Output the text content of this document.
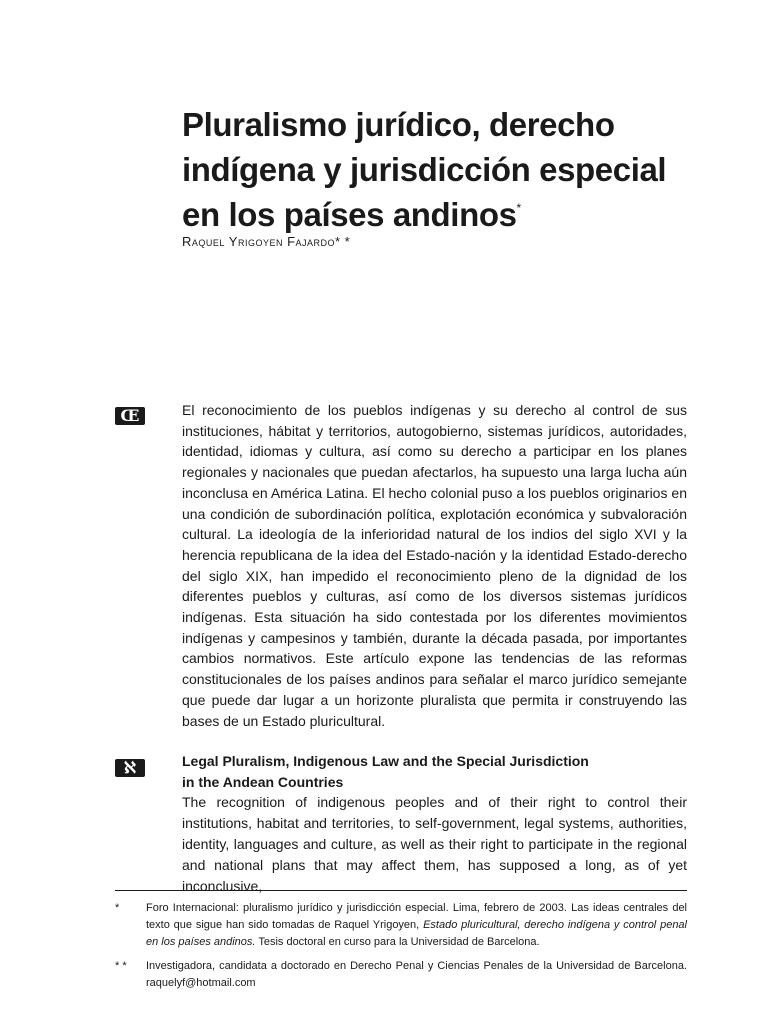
Pluralismo jurídico, derecho
indígena y jurisdicción especial
en los países andinos*
Raquel Yrigoyen Fajardo* *
Œ	El reconocimiento de los pueblos indígenas y su derecho al control de sus instituciones, hábitat y territorios, autogobierno, sistemas jurídicos, autoridades, identidad, idiomas y cultura, así como su derecho a participar en los planes regionales y nacionales que puedan afectarlos, ha supuesto una larga lucha aún inconclusa en América Latina. El hecho colonial puso a los pueblos originarios en una condición de subordinación política, explotación económica y subvaloración cultural. La ideología de la inferioridad natural de los indios del siglo XVI y la herencia republicana de la idea del Estado-nación y la identidad Estado-derecho del siglo XIX, han impedido el reconocimiento pleno de la dignidad de los diferentes pueblos y culturas, así como de los diversos sistemas jurídicos indígenas. Esta situación ha sido contestada por los diferentes movimientos indígenas y campesinos y también, durante la década pasada, por importantes cambios normativos. Este artículo expone las tendencias de las reformas constitucionales de los países andinos para señalar el marco jurídico semejante que puede dar lugar a un horizonte pluralista que permita ir construyendo las bases de un Estado pluricultural.

ℵ	Legal Pluralism, Indigenous Law and the Special Jurisdiction
in the Andean Countries

The recognition of indigenous peoples and of their right to control their institutions, habitat and territories, to self-government, legal systems, authorities, identity, languages and culture, as well as their right to participate in the regional and national plans that may affect them, has supposed a long, as of yet inconclusive,

*	Foro Internacional: pluralismo jurídico y jurisdicción especial. Lima, febrero de 2003. Las ideas centrales del texto que sigue han sido tomadas de Raquel Yrigoyen, Estado pluricultural, derecho indígena y control penal en los países andinos. Tesis doctoral en curso para la Universidad de Barcelona.
* *	Investigadora, candidata a doctorado en Derecho Penal y Ciencias Penales de la Universidad de Barcelona. raquelyf@hotmail.com
